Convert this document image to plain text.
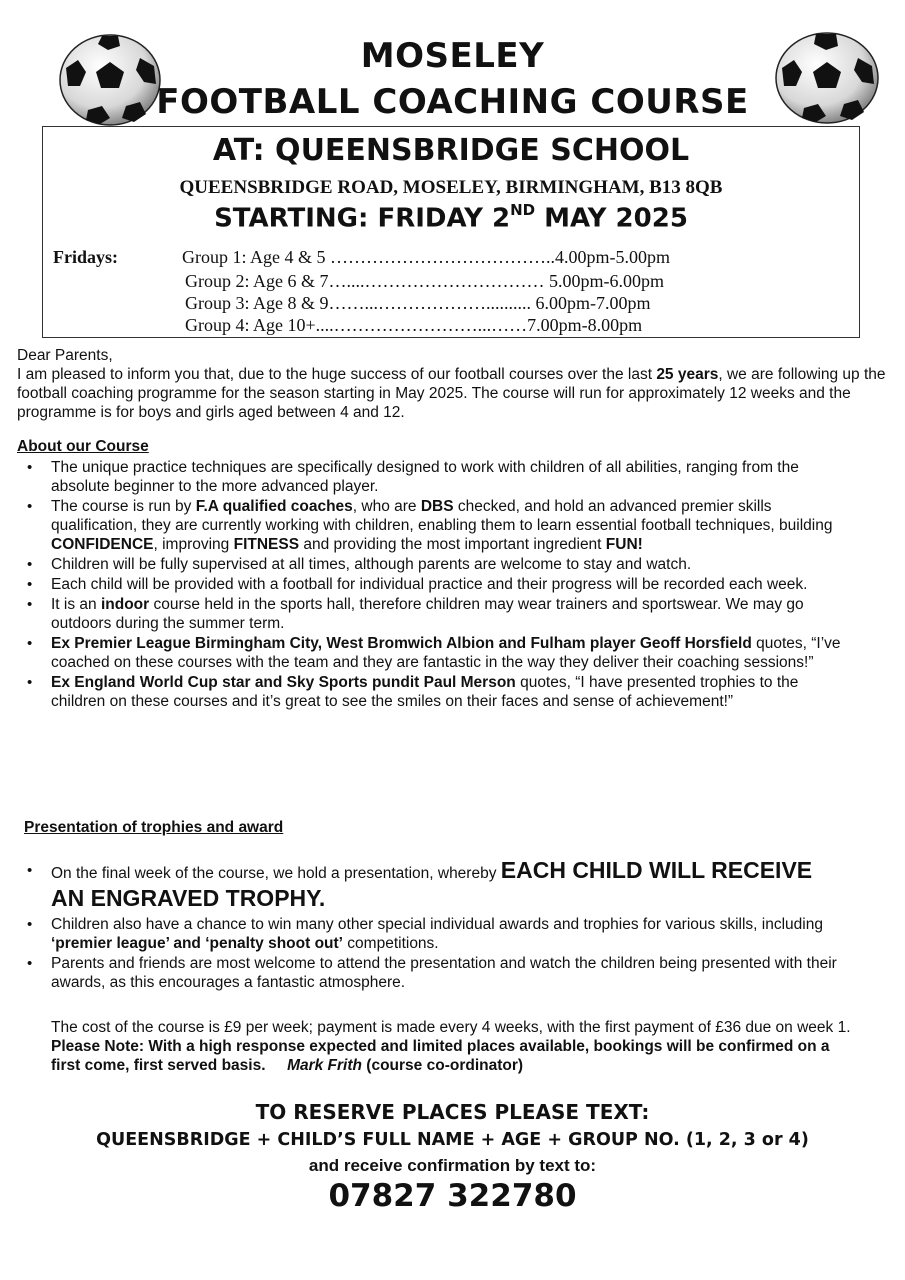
MOSELEY
FOOTBALL COACHING COURSE
AT: QUEENSBRIDGE SCHOOL
QUEENSBRIDGE ROAD, MOSELEY, BIRMINGHAM, B13 8QB
STARTING: FRIDAY 2ND MAY 2025
Fridays:	Group 1: Age 4 & 5 ………………………………..4.00pm-5.00pm
Group 2: Age 6 & 7…....………………………… 5.00pm-6.00pm
Group 3: Age 8 & 9……...……………….......... 6.00pm-7.00pm
Group 4: Age 10+....……………………...……7.00pm-8.00pm
Dear Parents,
I am pleased to inform you that, due to the huge success of our football courses over the last 25 years, we are following up the football coaching programme for the season starting in May 2025. The course will run for approximately 12 weeks and the programme is for boys and girls aged between 4 and 12.
About our Course
• The unique practice techniques are specifically designed to work with children of all abilities, ranging from the absolute beginner to the more advanced player.
• The course is run by F.A qualified coaches, who are DBS checked, and hold an advanced premier skills qualification, they are currently working with children, enabling them to learn essential football techniques, building CONFIDENCE, improving FITNESS and providing the most important ingredient FUN!
• Children will be fully supervised at all times, although parents are welcome to stay and watch.
• Each child will be provided with a football for individual practice and their progress will be recorded each week.
• It is an indoor course held in the sports hall, therefore children may wear trainers and sportswear. We may go outdoors during the summer term.
• Ex Premier League Birmingham City, West Bromwich Albion and Fulham player Geoff Horsfield quotes, “I’ve coached on these courses with the team and they are fantastic in the way they deliver their coaching sessions!”
• Ex England World Cup star and Sky Sports pundit Paul Merson quotes, “I have presented trophies to the children on these courses and it’s great to see the smiles on their faces and sense of achievement!”
Presentation of trophies and award
• On the final week of the course, we hold a presentation, whereby EACH CHILD WILL RECEIVE AN ENGRAVED TROPHY.
• Children also have a chance to win many other special individual awards and trophies for various skills, including ‘premier league’ and ‘penalty shoot out’ competitions.
• Parents and friends are most welcome to attend the presentation and watch the children being presented with their awards, as this encourages a fantastic atmosphere.
The cost of the course is £9 per week; payment is made every 4 weeks, with the first payment of £36 due on week 1. Please Note: With a high response expected and limited places available, bookings will be confirmed on a first come, first served basis. Mark Frith (course co-ordinator)
TO RESERVE PLACES PLEASE TEXT:
QUEENSBRIDGE + CHILD’S FULL NAME + AGE + GROUP NO. (1, 2, 3 or 4)
and receive confirmation by text to:
07827 322780
